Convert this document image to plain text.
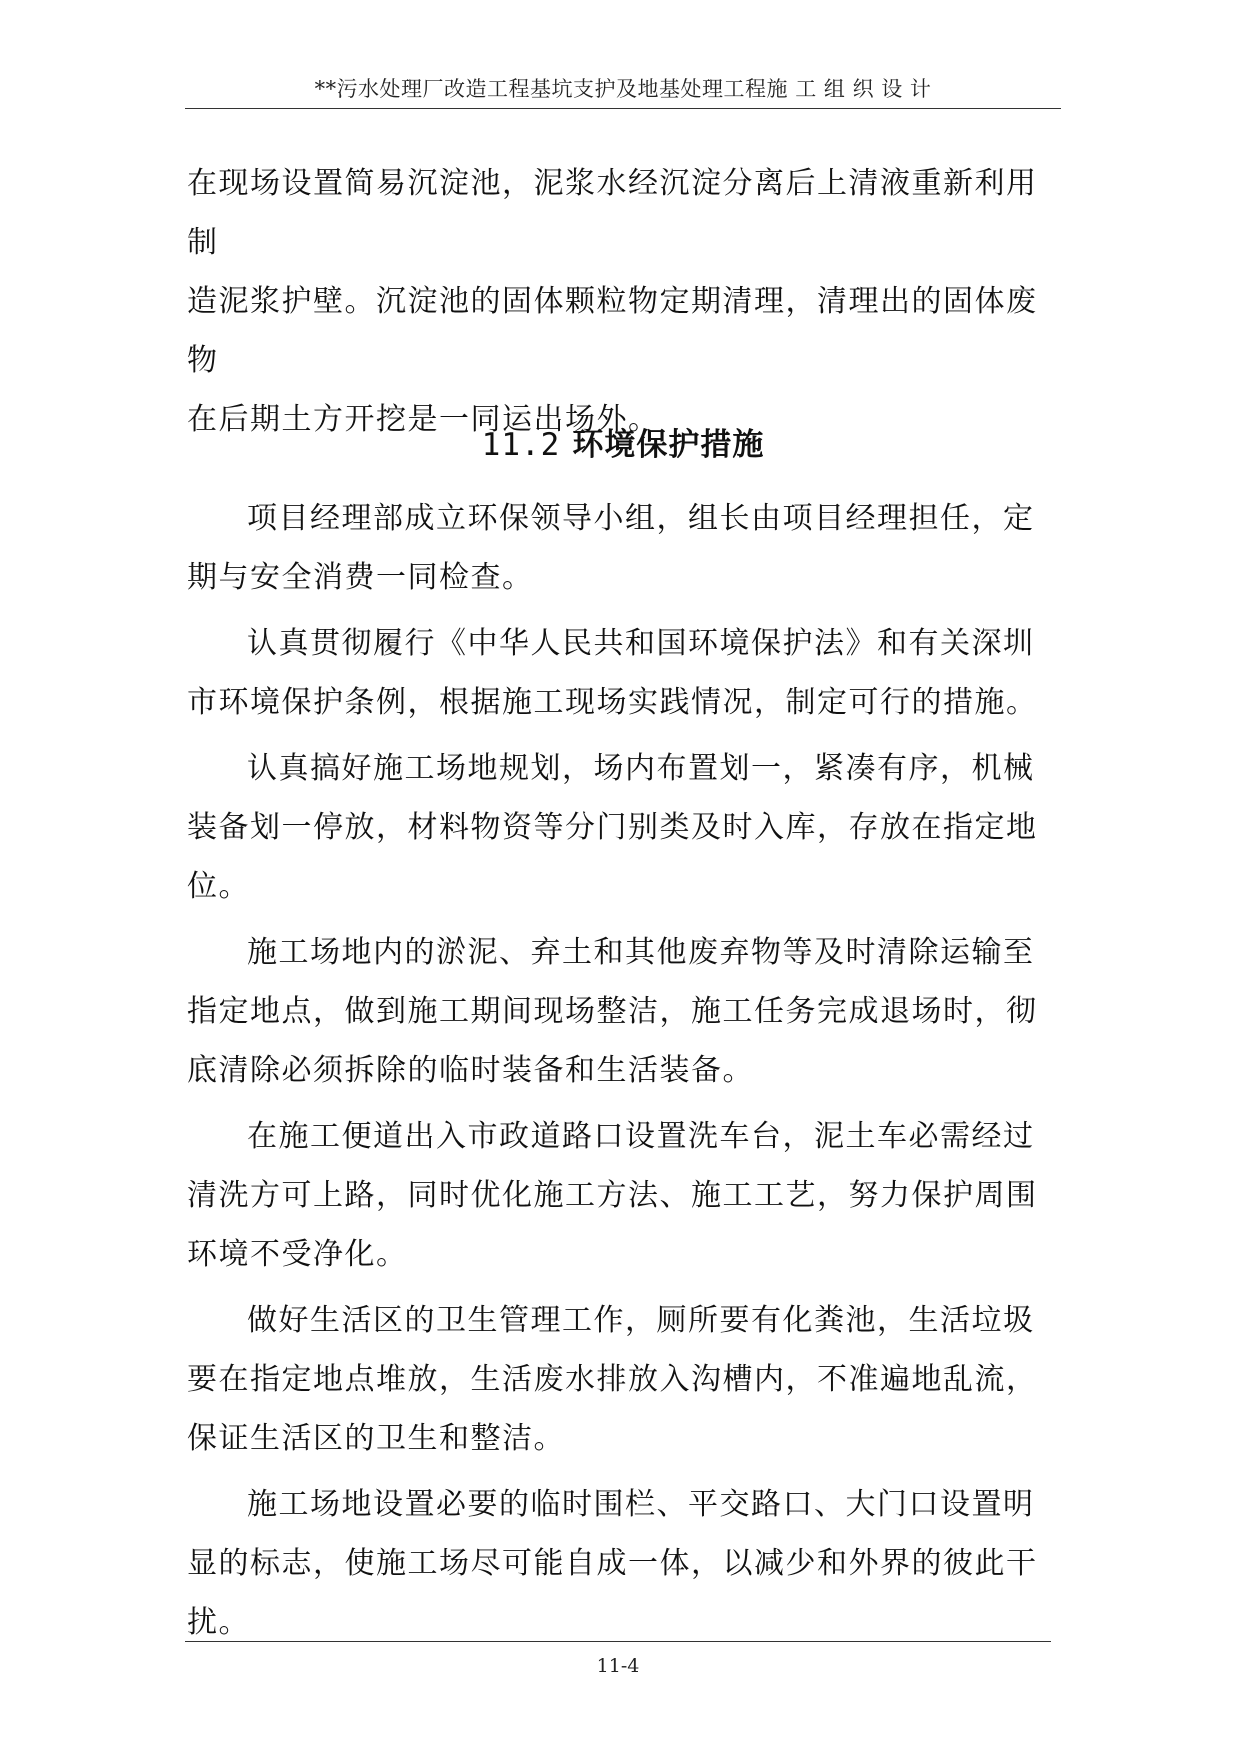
**污水处理厂改造工程基坑支护及地基处理工程施 工 组 织 设 计

在现场设置简易沉淀池，泥浆水经沉淀分离后上清液重新利用制

造泥浆护壁。沉淀池的固体颗粒物定期清理，清理出的固体废物

在后期土方开挖是一同运出场外。

11.2 环境保护措施

项目经理部成立环保领导小组，组长由项目经理担任，定期与安全消费一同检查。

认真贯彻履行《中华人民共和国环境保护法》和有关深圳市环境保护条例，根据施工现场实践情况，制定可行的措施。

认真搞好施工场地规划，场内布置划一，紧凑有序，机械装备划一停放，材料物资等分门别类及时入库，存放在指定地位。

施工场地内的淤泥、弃土和其他废弃物等及时清除运输至指定地点，做到施工期间现场整洁，施工任务完成退场时，彻底清除必须拆除的临时装备和生活装备。

在施工便道出入市政道路口设置洗车台，泥土车必需经过清洗方可上路，同时优化施工方法、施工工艺，努力保护周围环境不受净化。

做好生活区的卫生管理工作，厕所要有化粪池，生活垃圾要在指定地点堆放，生活废水排放入沟槽内，不准遍地乱流，保证生活区的卫生和整洁。

施工场地设置必要的临时围栏、平交路口、大门口设置明显的标志，使施工场尽可能自成一体，以减少和外界的彼此干扰。

11-4
